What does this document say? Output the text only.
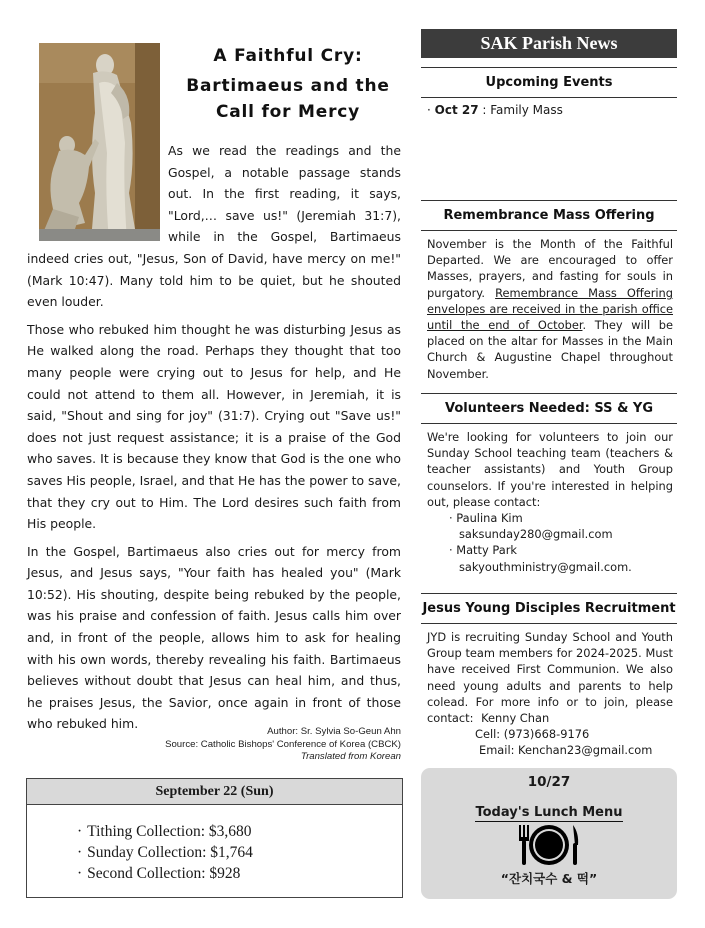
A Faithful Cry:
Bartimaeus and the Call for Mercy

As we read the readings and the Gospel, a notable passage stands out. In the first reading, it says, "Lord,… save us!" (Jeremiah 31:7), while in the Gospel, Bartimaeus indeed cries out, "Jesus, Son of David, have mercy on me!" (Mark 10:47). Many told him to be quiet, but he shouted even louder.

Those who rebuked him thought he was disturbing Jesus as He walked along the road. Perhaps they thought that too many people were crying out to Jesus for help, and He could not attend to them all. However, in Jeremiah, it is said, "Shout and sing for joy" (31:7). Crying out "Save us!" does not just request assistance; it is a praise of the God who saves. It is because they know that God is the one who saves His people, Israel, and that He has the power to save, that they cry out to Him. The Lord desires such faith from His people.

In the Gospel, Bartimaeus also cries out for mercy from Jesus, and Jesus says, "Your faith has healed you" (Mark 10:52). His shouting, despite being rebuked by the people, was his praise and confession of faith. Jesus calls him over and, in front of the people, allows him to ask for healing with his own words, thereby revealing his faith. Bartimaeus believes without doubt that Jesus can heal him, and thus, he praises Jesus, the Savior, once again in front of those who rebuked him.

Author: Sr. Sylvia So-Geun Ahn
Source: Catholic Bishops' Conference of Korea (CBCK)
Translated from Korean
September 22 (Sun)
· Tithing Collection: $3,680
· Sunday Collection: $1,764
· Second Collection: $928
SAK Parish News
Upcoming Events
· Oct 27 : Family Mass
Remembrance Mass Offering
November is the Month of the Faithful Departed. We are encouraged to offer Masses, prayers, and fasting for souls in purgatory. Remembrance Mass Offering envelopes are received in the parish office until the end of October. They will be placed on the altar for Masses in the Main Church & Augustine Chapel throughout November.
Volunteers Needed: SS & YG
We're looking for volunteers to join our Sunday School teaching team (teachers & teacher assistants) and Youth Group counselors. If you're interested in helping out, please contact:
· Paulina Kim
saksunday280@gmail.com
· Matty Park
sakyouthministry@gmail.com.
Jesus Young Disciples Recruitment
JYD is recruiting Sunday School and Youth Group team members for 2024-2025. Must have received First Communion. We also need young adults and parents to help colead. For more info or to join, please contact: Kenny Chan
Cell: (973)668-9176
Email: Kenchan23@gmail.com
10/27
Today's Lunch Menu
“잔치국수 & 떡”
